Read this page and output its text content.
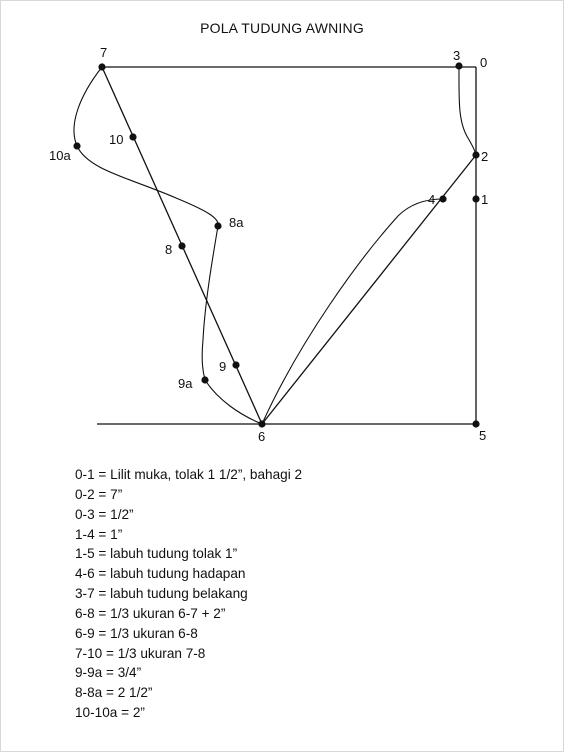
POLA TUDUNG AWNING
7	3 0
2
1
4
5
6
10
10a
8
8a
9
9a
0-1 = Lilit muka, tolak 1 1/2”, bahagi 2
0-2 = 7”
0-3 = 1/2”
1-4 = 1”
1-5 = labuh tudung tolak 1”
4-6 = labuh tudung hadapan
3-7 = labuh tudung belakang
6-8 = 1/3 ukuran 6-7 + 2”
6-9 = 1/3 ukuran 6-8
7-10 = 1/3 ukuran 7-8
9-9a = 3/4”
8-8a = 2 1/2”
10-10a = 2”
